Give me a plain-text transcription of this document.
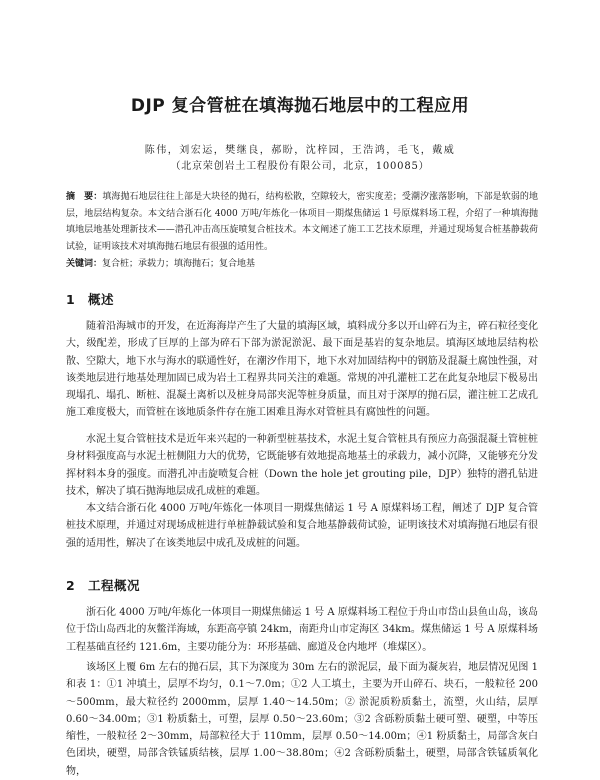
DJP 复合管桩在填海抛石地层中的工程应用
陈伟，刘宏运，樊继良，郝盼，沈梓园，王浩鸿，毛飞，戴威
（北京荣创岩土工程股份有限公司，北京，100085）
摘　要：填海抛石地层往往上部是大块径的抛石，结构松散，空隙较大，密实度差；受潮汐涨落影响，下部是软弱的地层，地层结构复杂。本文结合浙石化 4000 万吨/年炼化一体项目一期煤焦储运 1 号原煤料场工程，介绍了一种填海抛填地层地基处理新技术——潜孔冲击高压旋喷复合桩技术。本文阐述了施工工艺技术原理，并通过现场复合桩基静载荷试验，证明该技术对填海抛石地层有很强的适用性。
关键词：复合桩；承载力；填海抛石；复合地基
1 概述

随着沿海城市的开发，在近海海岸产生了大量的填海区域，填料成分多以开山碎石为主，碎石粒径变化大，级配差，形成了巨厚的上部为碎石下部为淤泥淤泥、最下面是基岩的复杂地层。填海区域地层结构松散、空隙大，地下水与海水的联通性好，在潮汐作用下，地下水对加固结构中的钢筋及混凝土腐蚀性强，对该类地层进行地基处理加固已成为岩土工程界共同关注的难题。常规的冲孔灌桩工艺在此复杂地层下极易出现塌孔、塌孔、断桩、混凝土离析以及桩身局部夹泥等桩身质量，而且对于深厚的抛石层，灌注桩工艺成孔施工难度极大，而管桩在该地质条件存在施工困难且海水对管桩具有腐蚀性的问题。

水泥土复合管桩技术是近年来兴起的一种新型桩基技术，水泥土复合管桩具有预应力高强混凝土管桩桩身材料强度高与水泥土桩侧阻力大的优势，它既能够有效地提高地基土的承载力，减小沉降，又能够充分发挥材料本身的强度。而潜孔冲击旋喷复合桩（Down the hole jet grouting pile，DJP）独特的潜孔钻进技术，解决了填石抛海地层成孔成桩的难题。

本文结合浙石化 4000 万吨/年炼化一体项目一期煤焦储运 1 号 A 原煤料场工程，阐述了 DJP 复合管桩技术原理，并通过对现场成桩进行单桩静载试验和复合地基静载荷试验，证明该技术对填海抛石地层有很强的适用性，解决了在该类地层中成孔及成桩的问题。

2 工程概况

浙石化 4000 万吨/年炼化一体项目一期煤焦储运 1 号 A 原煤料场工程位于舟山市岱山县鱼山岛，该岛位于岱山岛西北的灰鳖洋海域，东距高亭镇 24km，南距舟山市定海区 34km。煤焦储运 1 号 A 原煤料场工程基础直径约 121.6m，主要功能分为：环形基础、廊道及仓内地坪（堆煤区）。

该场区上覆 6m 左右的抛石层，其下为深度为 30m 左右的淤泥层，最下面为凝灰岩，地层情况见图 1 和表 1：①1 冲填土，层厚不均匀，0.1～7.0m；①2 人工填土，主要为开山碎石、块石，一般粒径 200～500mm，最大粒径约 2000mm，层厚 1.40～14.50m；② 淤泥质粉质黏土，流塑，火山结，层厚 0.60～34.00m；③1 粉质黏土，可塑，层厚 0.50～23.60m；③2 含砾粉质黏土硬可塑、硬塑，中等压缩性，一般粒径 2～30mm，局部粒径大于 110mm，层厚 0.50～14.00m；④1 粉质黏土，局部含灰白色团块，硬塑，局部含铁锰质结核，层厚 1.00～38.80m；④2 含砾粉质黏土，硬塑，局部含铁锰质氧化物，
